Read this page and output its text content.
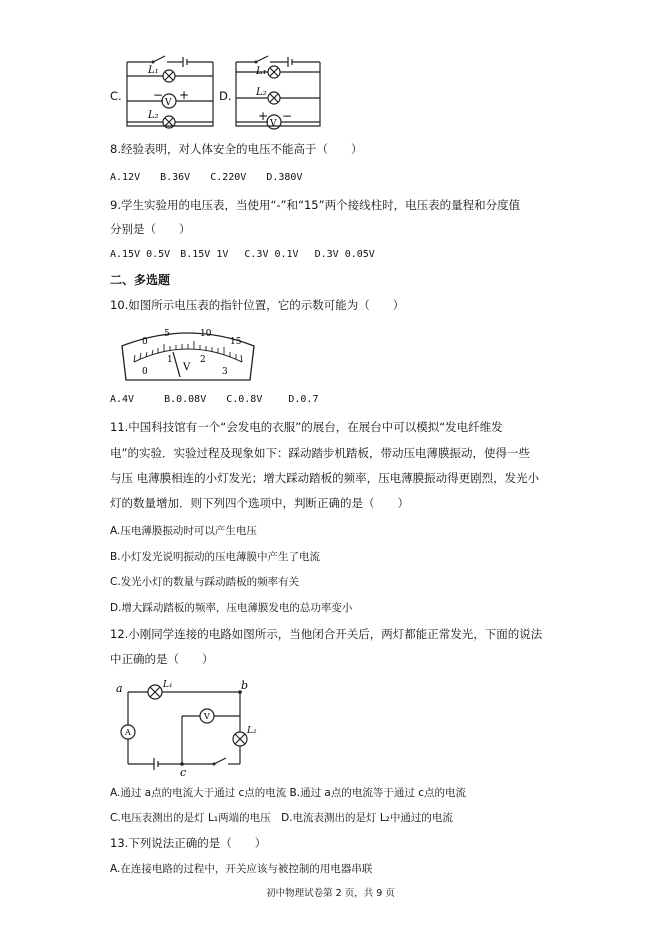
L₁
V
− +
L₂
C.
L₁
L₂
V
+ −
D.
8.经验表明，对人体安全的电压不能高于（　　）
A.12V　　B.36V　　C.220V　　D.380V
9.学生实验用的电压表，当使用“-”和“15”两个接线柱时，电压表的量程和分度值
分别是（　　）
A.15V 0.5V　B.15V 1V　 C.3V 0.1V　 D.3V 0.05V
二、多选题
10.如图所示电压表的指针位置，它的示数可能为（　　）
0
5	10
15
0
1	2
3
V
A.4V　　　B.0.08V　　C.0.8V　　 D.0.7
11.中国科技馆有一个“会发电的衣服”的展台，在展台中可以模拟“发电纤维发
电”的实验．实验过程及现象如下：踩动踏步机踏板，带动压电薄膜振动，使得一些
与压 电薄膜相连的小灯发光；增大踩动踏板的频率，压电薄膜振动得更剧烈，发光小
灯的数量增加．则下列四个选项中，判断正确的是（　　）
A.压电薄膜振动时可以产生电压
B.小灯发光说明振动的压电薄膜中产生了电流
C.发光小灯的数量与踩动踏板的频率有关
D.增大踩动踏板的频率，压电薄膜发电的总功率变小
12.小刚同学连接的电路如图所示，当他闭合开关后，两灯都能正常发光，下面的说法
中正确的是（　　）
a	b
c
L₁
L₂
V
A
A.通过 a点的电流大于通过 c点的电流 B.通过 a点的电流等于通过 c点的电流
C.电压表测出的是灯 L₁两端的电压　D.电流表测出的是灯 L₂中通过的电流
13.下列说法正确的是（　　）
A.在连接电路的过程中，开关应该与被控制的用电器串联
初中物理试卷第 2 页，共 9 页
